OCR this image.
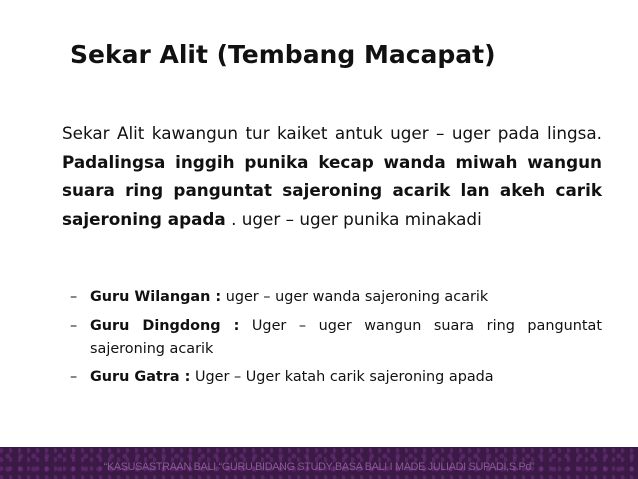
Sekar Alit (Tembang Macapat)
Sekar Alit kawangun tur kaiket antuk uger – uger pada lingsa. Padalingsa inggih punika kecap wanda miwah wangun suara ring panguntat sajeroning acarik lan akeh carik sajeroning apada . uger – uger punika minakadi
– Guru Wilangan : uger – uger wanda sajeroning acarik
– Guru Dingdong : Uger – uger wangun suara ring panguntat sajeroning acarik
– Guru Gatra : Uger – Uger katah carik sajeroning apada
“KASUSASTRAAN BALI “GURU BIDANG STUDY BASA BALI I MADE JULIADI SUPADI,S.Pd”
